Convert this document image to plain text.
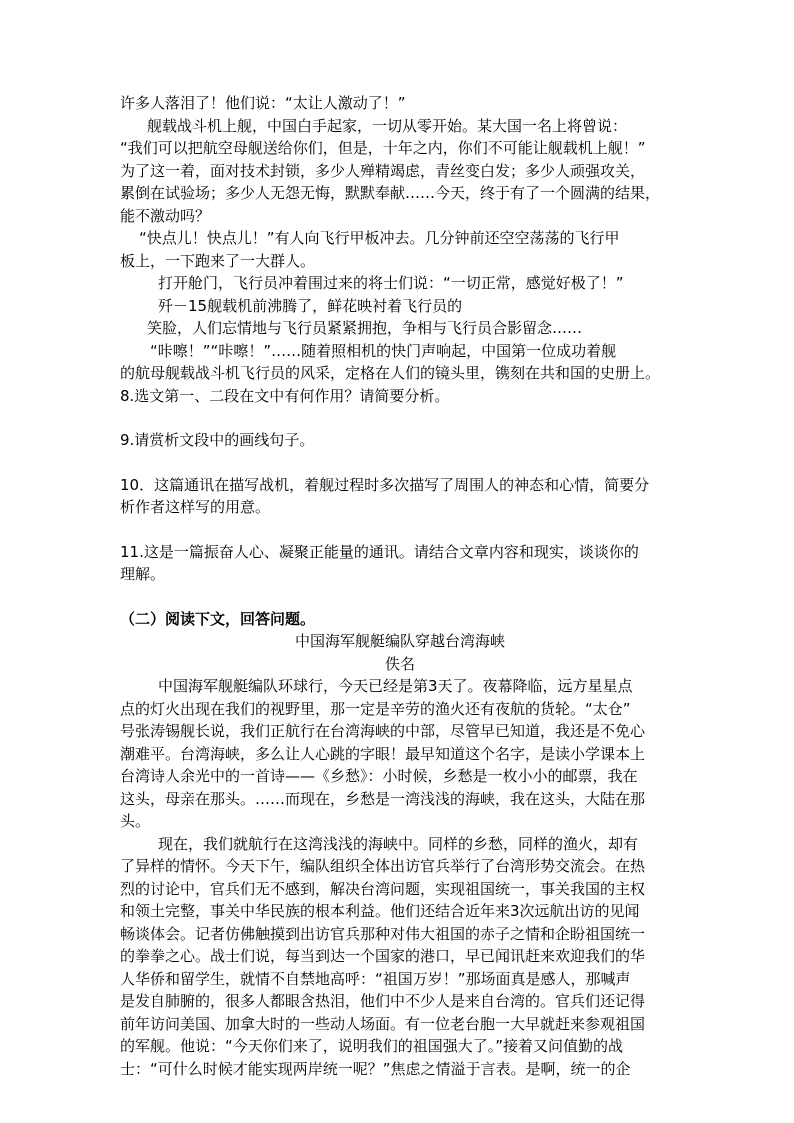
许多人落泪了！他们说：“太让人激动了！”

舰载战斗机上舰，中国白手起家，一切从零开始。某大国一名上将曾说：

“我们可以把航空母舰送给你们，但是，十年之内，你们不可能让舰载机上舰！”

为了这一着，面对技术封锁，多少人殚精竭虑，青丝变白发；多少人顽强攻关，

累倒在试验场；多少人无怨无悔，默默奉献……今天，终于有了一个圆满的结果，

能不激动吗？

“快点儿！快点儿！”有人向飞行甲板冲去。几分钟前还空空荡荡的飞行甲

板上，一下跑来了一大群人。

打开舱门，飞行员冲着围过来的将士们说：“一切正常，感觉好极了！”

歼－15舰载机前沸腾了，鲜花映衬着飞行员的

笑脸，人们忘情地与飞行员紧紧拥抱，争相与飞行员合影留念……

“咔嚓！”“咔嚓！”……随着照相机的快门声响起，中国第一位成功着舰

的航母舰载战斗机飞行员的风采，定格在人们的镜头里，镌刻在共和国的史册上。

8.选文第一、二段在文中有何作用？请简要分析。

9.请赏析文段中的画线句子。

10．这篇通讯在描写战机，着舰过程时多次描写了周围人的神态和心情，简要分

析作者这样写的用意。

11.这是一篇振奋人心、凝聚正能量的通讯。请结合文章内容和现实，谈谈你的

理解。

（二）阅读下文，回答问题。

中国海军舰艇编队穿越台湾海峡

佚名

中国海军舰艇编队环球行，今天已经是第3天了。夜幕降临，远方星星点

点的灯火出现在我们的视野里，那一定是辛劳的渔火还有夜航的货轮。“太仓”

号张涛锡舰长说，我们正航行在台湾海峡的中部，尽管早已知道，我还是不免心

潮难平。台湾海峡，多么让人心跳的字眼！最早知道这个名字，是读小学课本上

台湾诗人余光中的一首诗——《乡愁》：小时候，乡愁是一枚小小的邮票，我在

这头，母亲在那头。……而现在，乡愁是一湾浅浅的海峡，我在这头，大陆在那

头。

现在，我们就航行在这湾浅浅的海峡中。同样的乡愁，同样的渔火，却有

了异样的情怀。今天下午，编队组织全体出访官兵举行了台湾形势交流会。在热

烈的讨论中，官兵们无不感到，解决台湾问题，实现祖国统一，事关我国的主权

和领土完整，事关中华民族的根本利益。他们还结合近年来3次远航出访的见闻

畅谈体会。记者仿佛触摸到出访官兵那种对伟大祖国的赤子之情和企盼祖国统一

的拳拳之心。战士们说，每当到达一个国家的港口，早已闻讯赶来欢迎我们的华

人华侨和留学生，就情不自禁地高呼：“祖国万岁！”那场面真是感人，那喊声

是发自肺腑的，很多人都眼含热泪，他们中不少人是来自台湾的。官兵们还记得

前年访问美国、加拿大时的一些动人场面。有一位老台胞一大早就赶来参观祖国

的军舰。他说：“今天你们来了，说明我们的祖国强大了。”接着又问值勤的战

士：“可什么时候才能实现两岸统一呢？”焦虑之情溢于言表。是啊，统一的企
